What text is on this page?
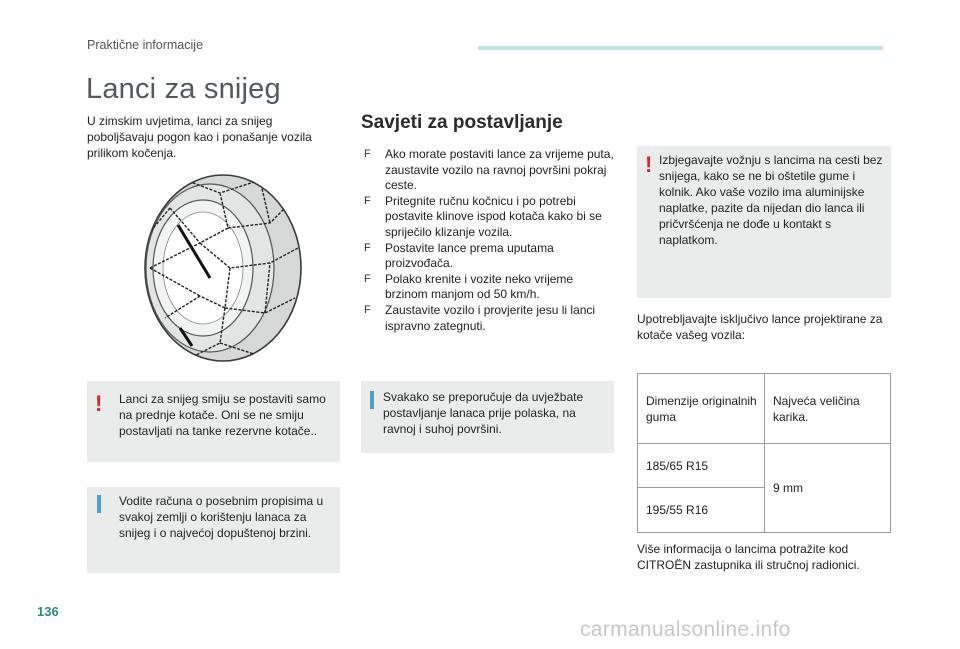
Praktične informacije
Lanci za snijeg
U zimskim uvjetima, lanci za snijeg poboljšavaju pogon kao i ponašanje vozila prilikom kočenja.
! Lanci za snijeg smiju se postaviti samo na prednje kotače. Oni se ne smiju postavljati na tanke rezervne kotače..
Vodite računa o posebnim propisima u svakoj zemlji o korištenju lanaca za snijeg i o najvećoj dopuštenoj brzini.
Savjeti za postavljanje

F Ako morate postaviti lance za vrijeme puta, zaustavite vozilo na ravnoj površini pokraj ceste.

F Pritegnite ručnu kočnicu i po potrebi postavite klinove ispod kotača kako bi se spriječilo klizanje vozila.

F Postavite lance prema uputama proizvođača.

F Polako krenite i vozite neko vrijeme brzinom manjom od 50 km/h.

F Zaustavite vozilo i provjerite jesu li lanci ispravno zategnuti.

Svakako se preporučuje da uvježbate postavljanje lanaca prije polaska, na ravnoj i suhoj površini.
! Izbjegavajte vožnju s lancima na cesti bez snijega, kako se ne bi oštetile gume i kolnik. Ako vaše vozilo ima aluminijske naplatke, pazite da nijedan dio lanca ili pričvršćenja ne dođe u kontakt s naplatkom.
Upotrebljavajte isključivo lance projektirane za kotače vašeg vozila:
Dimenzije originalnih guma	Najveća veličina karika.
185/65 R15	9 mm
195/55 R16	
Više informacija o lancima potražite kod CITROËN zastupnika ili stručnoj radionici.
136
carmanualsonline.info
